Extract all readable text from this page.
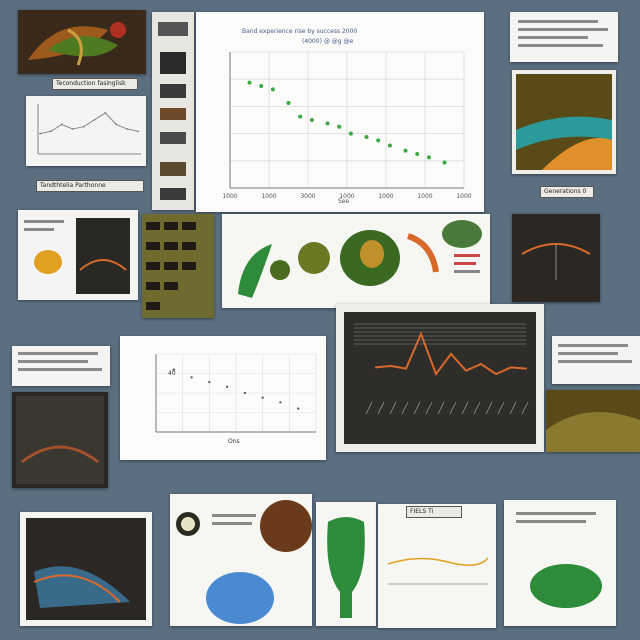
Tandthtelia Parthonne
Band experience rise by success 2000
(4000) @ @g @e
1000	1000	3000	1000	1000	1000	1000
See
Generations 0
Teconduction fasinglisk
40
Ons
FIELS Ti
